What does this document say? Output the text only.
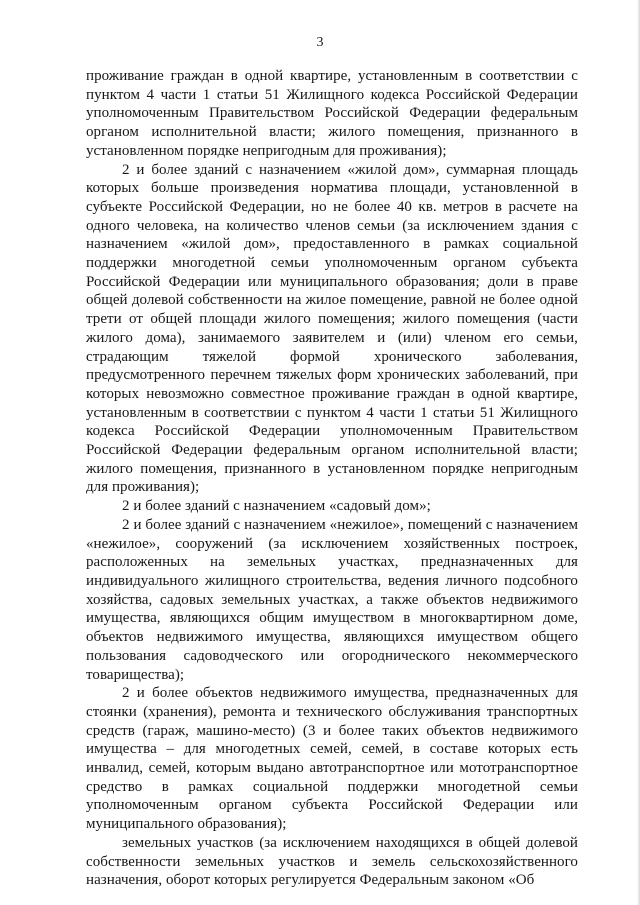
3

проживание граждан в одной квартире, установленным в соответствии с пунктом 4 части 1 статьи 51 Жилищного кодекса Российской Федерации уполномоченным Правительством Российской Федерации федеральным органом исполнительной власти; жилого помещения, признанного в установленном порядке непригодным для проживания);

2 и более зданий с назначением «жилой дом», суммарная площадь которых больше произведения норматива площади, установленной в субъекте Российской Федерации, но не более 40 кв. метров в расчете на одного человека, на количество членов семьи (за исключением здания с назначением «жилой дом», предоставленного в рамках социальной поддержки многодетной семьи уполномоченным органом субъекта Российской Федерации или муниципального образования; доли в праве общей долевой собственности на жилое помещение, равной не более одной трети от общей площади жилого помещения; жилого помещения (части жилого дома), занимаемого заявителем и (или) членом его семьи, страдающим тяжелой формой хронического заболевания, предусмотренного перечнем тяжелых форм хронических заболеваний, при которых невозможно совместное проживание граждан в одной квартире, установленным в соответствии с пунктом 4 части 1 статьи 51 Жилищного кодекса Российской Федерации уполномоченным Правительством Российской Федерации федеральным органом исполнительной власти; жилого помещения, признанного в установленном порядке непригодным для проживания);

2 и более зданий с назначением «садовый дом»;

2 и более зданий с назначением «нежилое», помещений с назначением «нежилое», сооружений (за исключением хозяйственных построек, расположенных на земельных участках, предназначенных для индивидуального жилищного строительства, ведения личного подсобного хозяйства, садовых земельных участках, а также объектов недвижимого имущества, являющихся общим имуществом в многоквартирном доме, объектов недвижимого имущества, являющихся имуществом общего пользования садоводческого или огороднического некоммерческого товарищества);

2 и более объектов недвижимого имущества, предназначенных для стоянки (хранения), ремонта и технического обслуживания транспортных средств (гараж, машино-место) (3 и более таких объектов недвижимого имущества – для многодетных семей, семей, в составе которых есть инвалид, семей, которым выдано автотранспортное или мототранспортное средство в рамках социальной поддержки многодетной семьи уполномоченным органом субъекта Российской Федерации или муниципального образования);

земельных участков (за исключением находящихся в общей долевой собственности земельных участков и земель сельскохозяйственного назначения, оборот которых регулируется Федеральным законом «Об
